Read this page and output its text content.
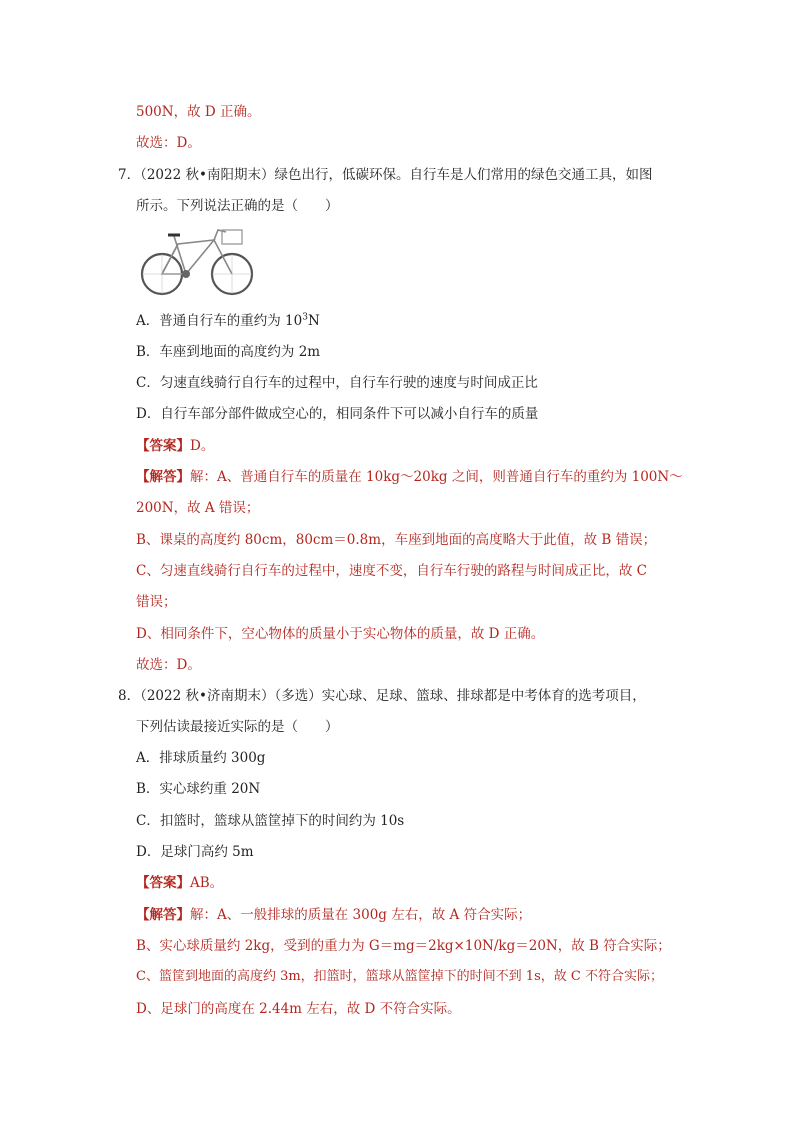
500N，故 D 正确。
故选：D。
7．（2022 秋•南阳期末）绿色出行，低碳环保。自行车是人们常用的绿色交通工具，如图
所示。下列说法正确的是（　　）
A．普通自行车的重约为 $10^3N$
B．车座到地面的高度约为 2m
C．匀速直线骑行自行车的过程中，自行车行驶的速度与时间成正比
D．自行车部分部件做成空心的，相同条件下可以减小自行车的质量
【答案】D。
【解答】解：A、普通自行车的质量在 10kg～20kg 之间，则普通自行车的重约为 100N～
200N，故 A 错误；
B、课桌的高度约 80cm，80cm＝0.8m，车座到地面的高度略大于此值，故 B 错误；
C、匀速直线骑行自行车的过程中，速度不变，自行车行驶的路程与时间成正比，故 C
错误；
D、相同条件下，空心物体的质量小于实心物体的质量，故 D 正确。
故选：D。
8．（2022 秋•济南期末）（多选）实心球、足球、篮球、排球都是中考体育的选考项目，
下列估读最接近实际的是（　　）
A．排球质量约 300g
B．实心球约重 20N
C．扣篮时，篮球从篮筐掉下的时间约为 10s
D．足球门高约 5m
【答案】AB。
【解答】解：A、一般排球的质量在 300g 左右，故 A 符合实际；
B、实心球质量约 2kg，受到的重力为 G＝mg＝2kg×10N/kg＝20N，故 B 符合实际；
C、篮筐到地面的高度约 3m，扣篮时，篮球从篮筐掉下的时间不到 1s，故 C 不符合实际；
D、足球门的高度在 2.44m 左右，故 D 不符合实际。
